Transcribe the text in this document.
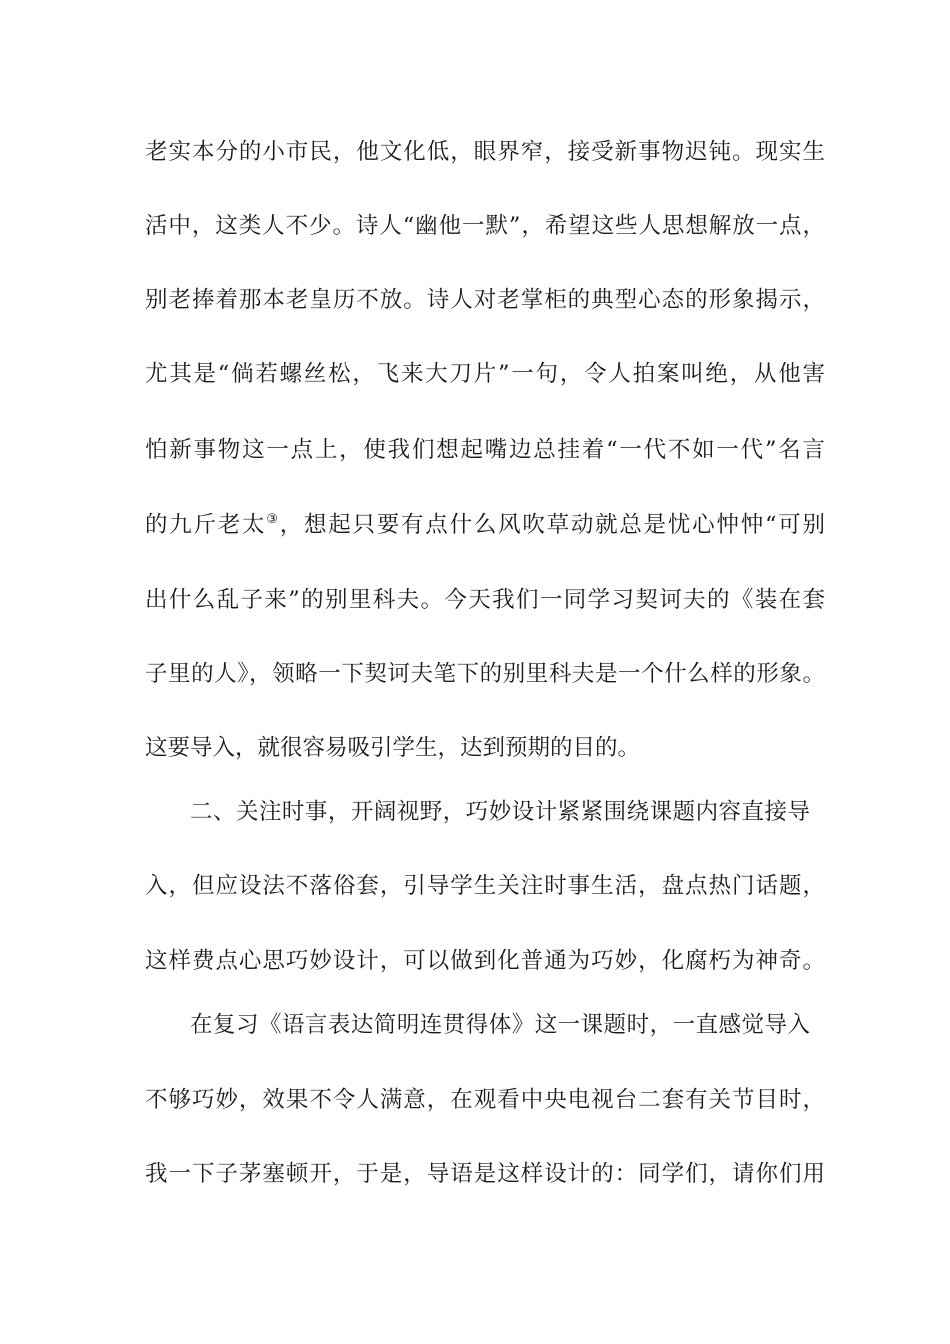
老实本分的小市民，他文化低，眼界窄，接受新事物迟钝。现实生
活中，这类人不少。诗人“幽他一默”，希望这些人思想解放一点，
别老捧着那本老皇历不放。诗人对老掌柜的典型心态的形象揭示，
尤其是“倘若螺丝松，飞来大刀片”一句，令人拍案叫绝，从他害
怕新事物这一点上，使我们想起嘴边总挂着“一代不如一代”名言
的九斤老太③，想起只要有点什么风吹草动就总是忧心忡忡“可别
出什么乱子来”的别里科夫。今天我们一同学习契诃夫的《装在套
子里的人》，领略一下契诃夫笔下的别里科夫是一个什么样的形象。
这要导入，就很容易吸引学生，达到预期的目的。
二、关注时事，开阔视野，巧妙设计紧紧围绕课题内容直接导
入，但应设法不落俗套，引导学生关注时事生活，盘点热门话题，
这样费点心思巧妙设计，可以做到化普通为巧妙，化腐朽为神奇。
在复习《语言表达简明连贯得体》这一课题时，一直感觉导入
不够巧妙，效果不令人满意，在观看中央电视台二套有关节目时，
我一下子茅塞顿开，于是，导语是这样设计的：同学们，请你们用
